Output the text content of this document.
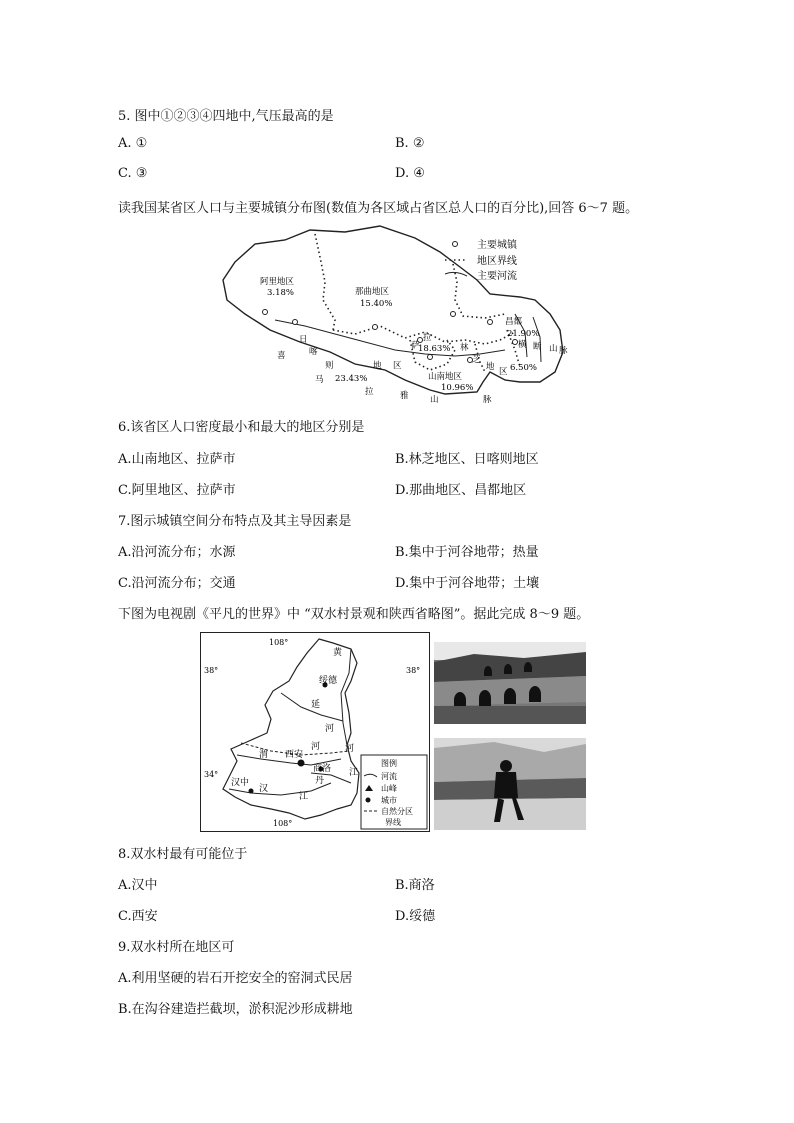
5. 图中①②③④四地中,气压最高的是
A. ①	B. ②
C. ③	D. ④
读我国某省区人口与主要城镇分布图(数值为各区域占省区总人口的百分比),回答 6～7 题。
主要城镇
地区界线
主要河流
阿里地区
3.18%	那曲地区
15.40%
昌都
21.90%
拉
18.63%
萨	林
芝
地 区 6.50%
横 断 山 脉
日
喀
则	地 区
23.43%
喜
马
拉	雅	山	脉
山南地区
10.96%
6.该省区人口密度最小和最大的地区分别是
A.山南地区、拉萨市	B.林芝地区、日喀则地区
C.阿里地区、拉萨市	D.那曲地区、昌都地区
7.图示城镇空间分布特点及其主导因素是
A.沿河流分布；水源	B.集中于河谷地带；热量
C.沿河流分布；交通	D.集中于河谷地带；土壤
下图为电视剧《平凡的世界》中 “双水村景观和陕西省略图”。据此完成 8～9 题。
108°
108°
38°	38°
34°
黄
绥德
延
河
河	河
渭 西安
商洛
丹
江
汉中
汉
江
图例
河流
山峰
城市
自然分区
界线
8.双水村最有可能位于
A.汉中	B.商洛
C.西安	D.绥德
9.双水村所在地区可
A.利用坚硬的岩石开挖安全的窑洞式民居
B.在沟谷建造拦截坝，淤积泥沙形成耕地
